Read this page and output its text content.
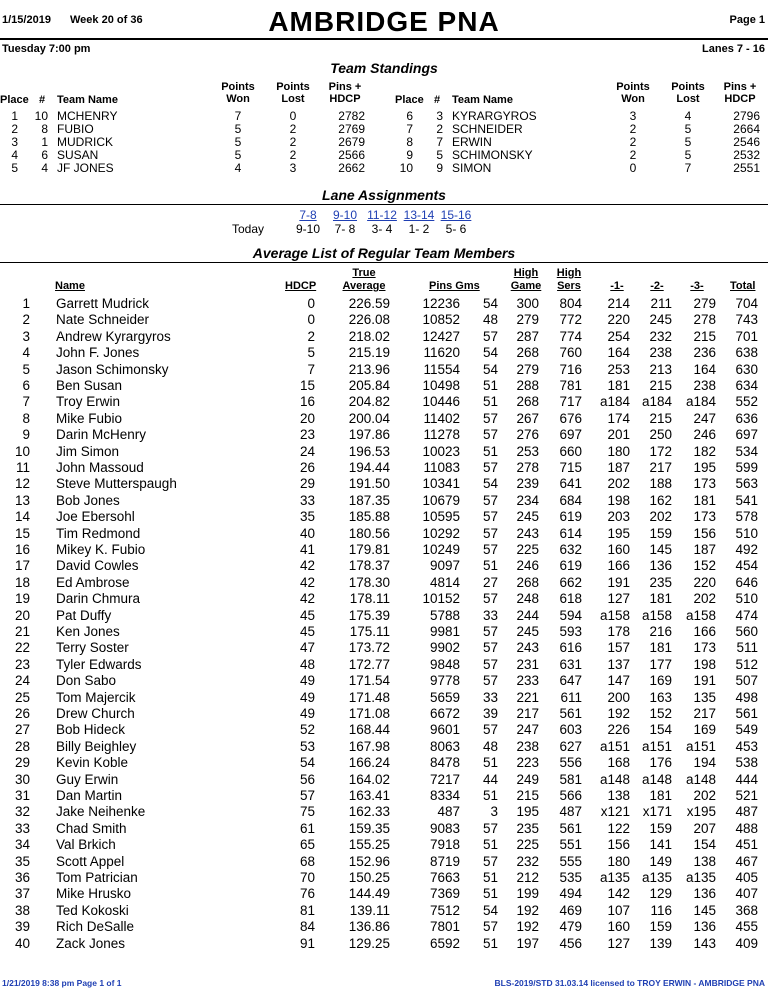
1/15/2019 Week 20 of 36	AMBRIDGE PNA	Page 1
Tuesday 7:00 pm	Lanes 7 - 16
Team Standings
Place # Team Name
Points Won
Points Lost
Pins + HDCP
1	10 MCHENRY	7	0	2782
2	8 FUBIO	5	2	2769
3	1 MUDRICK	5	2	2679
4	6 SUSAN	5	2	2566
5	4 JF JONES	4	3	2662
Place # Team Name
Points Won
Points Lost
Pins + HDCP
6	3 KYRARGYROS	3	4	2796
7	2 SCHNEIDER	2	5	2664
8	7 ERWIN	2	5	2546
9	5 SCHIMONSKY	2	5	2532
10	9 SIMON	0	7	2551
Lane Assignments
Today
7-8
9-10
9-10
7- 8
11-12
3- 4
13-14
1- 2
15-16
5- 6
Average List of Regular Team Members
Name	HDCP
True Average	Pins Gms
High Game
High Sers	-1-	-2-	-3-	Total
1 Garrett Mudrick	0	226.59	12236	54	300	804	214	211	279	704
2 Nate Schneider	0	226.08	10852	48	279	772	220	245	278	743
3 Andrew Kyrargyros	2	218.02	12427	57	287	774	254	232	215	701
4 John F. Jones	5	215.19	11620	54	268	760	164	238	236	638
5 Jason Schimonsky	7	213.96	11554	54	279	716	253	213	164	630
6 Ben Susan	15	205.84	10498	51	288	781	181	215	238	634
7 Troy Erwin	16	204.82	10446	51	268	717	a184 a184	a184	552
8 Mike Fubio	20	200.04	11402	57	267	676	174	215	247	636
9 Darin McHenry	23	197.86	11278	57	276	697	201	250	246	697
10 Jim Simon	24	196.53	10023	51	253	660	180	172	182	534
11 John Massoud	26	194.44	11083	57	278	715	187	217	195	599
12 Steve Mutterspaugh	29	191.50	10341	54	239	641	202	188	173	563
13 Bob Jones	33	187.35	10679	57	234	684	198	162	181	541
14 Joe Ebersohl	35	185.88	10595	57	245	619	203	202	173	578
15 Tim Redmond	40	180.56	10292	57	243	614	195	159	156	510
16 Mikey K. Fubio	41	179.81	10249	57	225	632	160	145	187	492
17 David Cowles	42	178.37	9097	51	246	619	166	136	152	454
18 Ed Ambrose	42	178.30	4814	27	268	662	191	235	220	646
19 Darin Chmura	42	178.11	10152	57	248	618	127	181	202	510
20 Pat Duffy	45	175.39	5788	33	244	594	a158 a158	a158	474
21 Ken Jones	45	175.11	9981	57	245	593	178	216	166	560
22 Terry Soster	47	173.72	9902	57	243	616	157	181	173	511
23 Tyler Edwards	48	172.77	9848	57	231	631	137	177	198	512
24 Don Sabo	49	171.54	9778	57	233	647	147	169	191	507
25 Tom Majercik	49	171.48	5659	33	221	611	200	163	135	498
26 Drew Church	49	171.08	6672	39	217	561	192	152	217	561
27 Bob Hideck	52	168.44	9601	57	247	603	226	154	169	549
28 Billy Beighley	53	167.98	8063	48	238	627	a151 a151	a151	453
29 Kevin Koble	54	166.24	8478	51	223	556	168	176	194	538
30 Guy Erwin	56	164.02	7217	44	249	581	a148 a148	a148	444
31 Dan Martin	57	163.41	8334	51	215	566	138	181	202	521
32 Jake Neihenke	75	162.33	487	3	195	487	x121 x171	x195	487
33 Chad Smith	61	159.35	9083	57	235	561	122	159	207	488
34 Val Brkich	65	155.25	7918	51	225	551	156	141	154	451
35 Scott Appel	68	152.96	8719	57	232	555	180	149	138	467
36 Tom Patrician	70	150.25	7663	51	212	535	a135 a135	a135	405
37 Mike Hrusko	76	144.49	7369	51	199	494	142	129	136	407
38 Ted Kokoski	81	139.11	7512	54	192	469	107	116	145	368
39 Rich DeSalle	84	136.86	7801	57	192	479	160	159	136	455
40 Zack Jones	91	129.25	6592	51	197	456	127	139	143	409
1/21/2019 8:38 pm Page 1 of 1	BLS-2019/STD 31.03.14 licensed to TROY ERWIN - AMBRIDGE PNA
